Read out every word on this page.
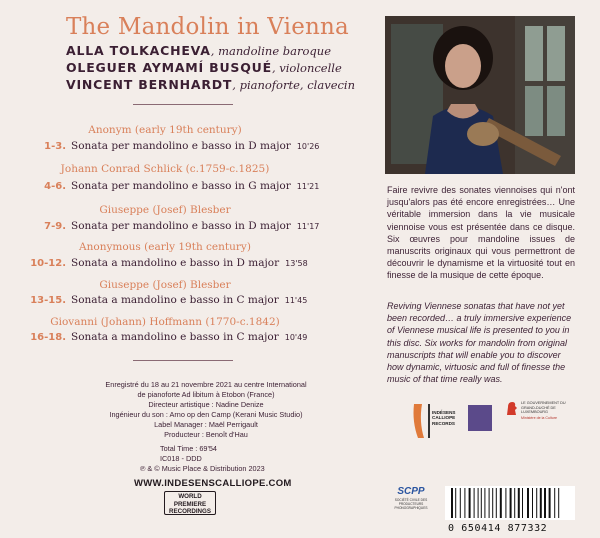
The Mandolin in Vienna
ALLA TOLKACHEVA, mandoline baroque
OLEGUER AYMAMÍ BUSQUÉ, violoncelle
VINCENT BERNHARDT, pianoforte, clavecin
Anonym (early 19th century)
1-3. Sonata per mandolino e basso in D major 10'26
Johann Conrad Schlick (c.1759-c.1825)
4-6. Sonata per mandolino e basso in G major 11'21
Giuseppe (Josef) Blesber
7-9. Sonata per mandolino e basso in D major 11'17
Anonymous (early 19th century)
10-12. Sonata a mandolino e basso in D major 13'58
Giuseppe (Josef) Blesber
13-15. Sonata a mandolino e basso in C major 11'45
Giovanni (Johann) Hoffmann (1770-c.1842)
16-18. Sonata a mandolino e basso in C major 10'49
Enregistré du 18 au 21 novembre 2021 au centre International
de pianoforte Ad libitum à Etobon (France)
Directeur artistique : Nadine Denize
Ingénieur du son : Arno op den Camp (Kerani Music Studio)
Label Manager : Maël Perrigault
Producteur : Benoît d'Hau
Total Time : 69'54
IC018 - DDD
℗ & © Music Place & Distribution 2023
WWW.INDESENSCALLIOPE.COM
WORLD
PREMIERE
RECORDINGS
Faire revivre des sonates viennoises qui n'ont jusqu'alors pas été encore enregistrées… Une véritable immersion dans la vie musicale viennoise vous est présentée dans ce disque. Six œuvres pour mandoline issues de manuscrits originaux qui vous permettront de découvrir le dynamisme et la virtuosité tout en finesse de la musique de cette époque.
Reviving Viennese sonatas that have not yet been recorded… a truly immersive experience of Viennese musical life is presented to you in this disc. Six works for mandolin from original manuscripts that will enable you to discover how dynamic, virtuosic and full of finesse the music of that time really was.
INDÉSENS CALLIOPE RECORDS
LE GOUVERNEMENT DU GRAND-DUCHÉ DE LUXEMBOURG
Ministère de la Culture
SCPP
SOCIÉTÉ CIVILE DES PRODUCTEURS PHONOGRAPHIQUES
0 650414 877332
